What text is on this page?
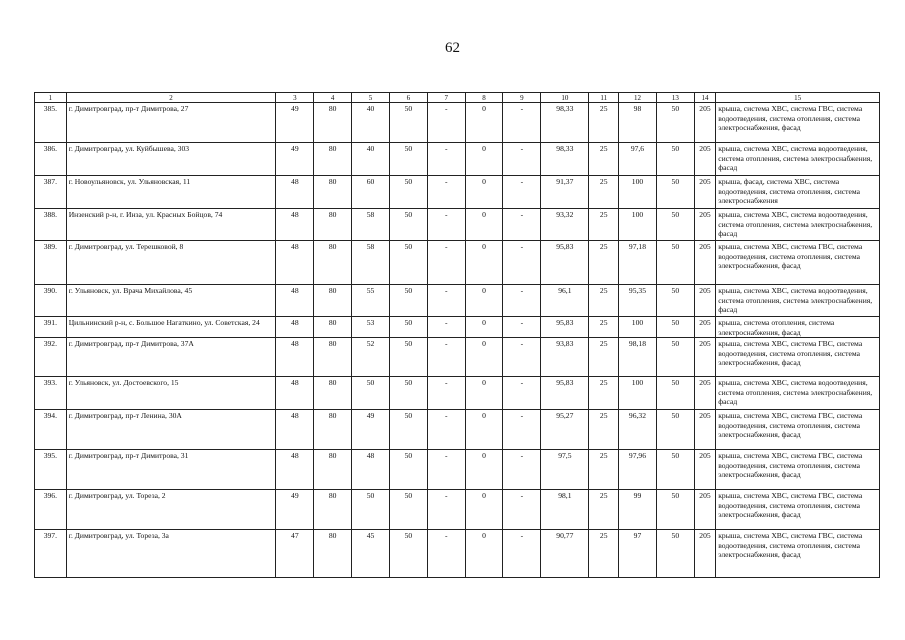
62
1	2	3	4	5	6	7	8	9	10	11	12	13	14	15
385.	г. Димитровград, пр-т Димитрова, 27	49	80	40	50	-	0	-	98,33	25	98	50	205	крыша, система ХВС, система ГВС, система водоотведения, система отопления, система электроснабжения, фасад
386.	г. Димитровград, ул. Куйбышева, 303	49	80	40	50	-	0	-	98,33	25	97,6	50	205	крыша, система ХВС, система водоотведения, система отопления, система электроснабжения, фасад
387.	г. Новоульяновск, ул. Ульяновская, 11	48	80	60	50	-	0	-	91,37	25	100	50	205	крыша, фасад, система ХВС, система водоотведения, система отопления, система электроснабжения
388.	Инзенский р-н, г. Инза, ул. Красных Бойцов, 74	48	80	58	50	-	0	-	93,32	25	100	50	205	крыша, система ХВС, система водоотведения, система отопления, система электроснабжения, фасад
389.	г. Димитровград, ул. Терешковой, 8	48	80	58	50	-	0	-	95,83	25	97,18	50	205	крыша, система ХВС, система ГВС, система водоотведения, система отопления, система электроснабжения, фасад
390.	г. Ульяновск, ул. Врача Михайлова, 45	48	80	55	50	-	0	-	96,1	25	95,35	50	205	крыша, система ХВС, система водоотведения, система отопления, система электроснабжения, фасад
391.	Цильнинский р-н, с. Большое Нагаткино, ул. Советская, 24	48	80	53	50	-	0	-	95,83	25	100	50	205	крыша, система отопления, система электроснабжения, фасад
392.	г. Димитровград, пр-т Димитрова, 37А	48	80	52	50	-	0	-	93,83	25	98,18	50	205	крыша, система ХВС, система ГВС, система водоотведения, система отопления, система электроснабжения, фасад
393.	г. Ульяновск, ул. Достоевского, 15	48	80	50	50	-	0	-	95,83	25	100	50	205	крыша, система ХВС, система водоотведения, система отопления, система электроснабжения, фасад
394.	г. Димитровград, пр-т Ленина, 30А	48	80	49	50	-	0	-	95,27	25	96,32	50	205	крыша, система ХВС, система ГВС, система водоотведения, система отопления, система электроснабжения, фасад
395.	г. Димитровград, пр-т Димитрова, 31	48	80	48	50	-	0	-	97,5	25	97,96	50	205	крыша, система ХВС, система ГВС, система водоотведения, система отопления, система электроснабжения, фасад
396.	г. Димитровград, ул. Тореза, 2	49	80	50	50	-	0	-	98,1	25	99	50	205	крыша, система ХВС, система ГВС, система водоотведения, система отопления, система электроснабжения, фасад
397.	г. Димитровград, ул. Тореза, 3а	47	80	45	50	-	0	-	90,77	25	97	50	205	крыша, система ХВС, система ГВС, система водоотведения, система отопления, система электроснабжения, фасад
